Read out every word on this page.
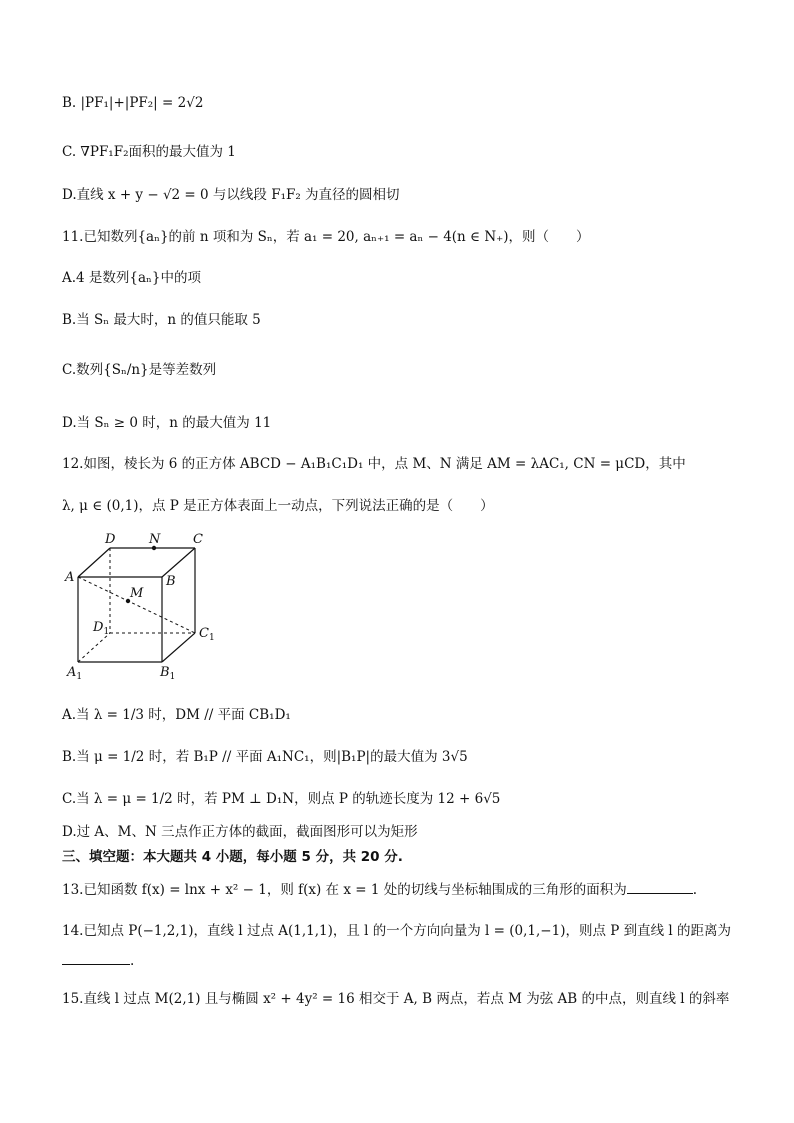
B. |PF₁|+|PF₂| = 2√2
C. ∇PF₁F₂面积的最大值为 1
D.直线 x + y − √2 = 0 与以线段 F₁F₂ 为直径的圆相切
11.已知数列{aₙ}的前 n 项和为 Sₙ，若 a₁ = 20, aₙ₊₁ = aₙ − 4(n ∈ N₊)，则（　　）
A.4 是数列{aₙ}中的项
B.当 Sₙ 最大时，n 的值只能取 5
C.数列{Sₙ/n}是等差数列
D.当 Sₙ ≥ 0 时，n 的最大值为 11
12.如图，棱长为 6 的正方体 ABCD − A₁B₁C₁D₁ 中，点 M、N 满足 AM = λAC₁, CN = μCD，其中
λ, μ ∈ (0,1)，点 P 是正方体表面上一动点，下列说法正确的是（　　）
D	N	C
A	B
M
$D_1$	$C_1$
$A_1$	$B_1$
A.当 λ = 1/3 时，DM // 平面 CB₁D₁
B.当 μ = 1/2 时，若 B₁P // 平面 A₁NC₁，则|B₁P|的最大值为 3√5
C.当 λ = μ = 1/2 时，若 PM ⊥ D₁N，则点 P 的轨迹长度为 12 + 6√5
D.过 A、M、N 三点作正方体的截面，截面图形可以为矩形
三、填空题：本大题共 4 小题，每小题 5 分，共 20 分.
13.已知函数 f(x) = lnx + x² − 1，则 f(x) 在 x = 1 处的切线与坐标轴围成的三角形的面积为	.
14.已知点 P(−1,2,1)，直线 l 过点 A(1,1,1)，且 l 的一个方向向量为 l = (0,1,−1)，则点 P 到直线 l 的距离为
.
15.直线 l 过点 M(2,1) 且与椭圆 x² + 4y² = 16 相交于 A, B 两点，若点 M 为弦 AB 的中点，则直线 l 的斜率
